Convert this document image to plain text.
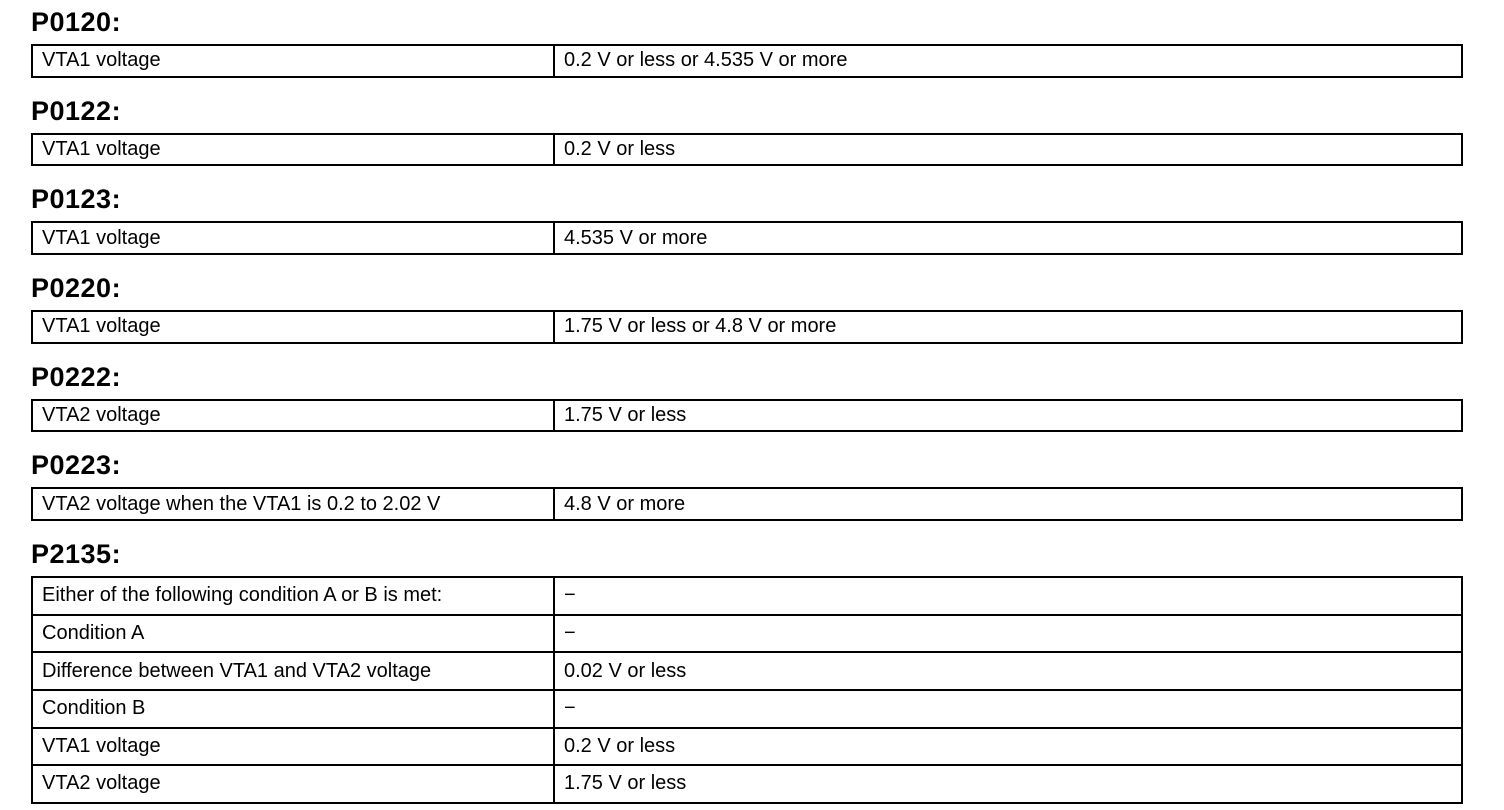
P0120:
VTA1 voltage	0.2 V or less or 4.535 V or more
P0122:
VTA1 voltage	0.2 V or less
P0123:
VTA1 voltage	4.535 V or more
P0220:
VTA1 voltage	1.75 V or less or 4.8 V or more
P0222:
VTA2 voltage	1.75 V or less
P0223:
VTA2 voltage when the VTA1 is 0.2 to 2.02 V	4.8 V or more
P2135:
Either of the following condition A or B is met:	−
Condition A	−
Difference between VTA1 and VTA2 voltage	0.02 V or less
Condition B	−
VTA1 voltage	0.2 V or less
VTA2 voltage	1.75 V or less
